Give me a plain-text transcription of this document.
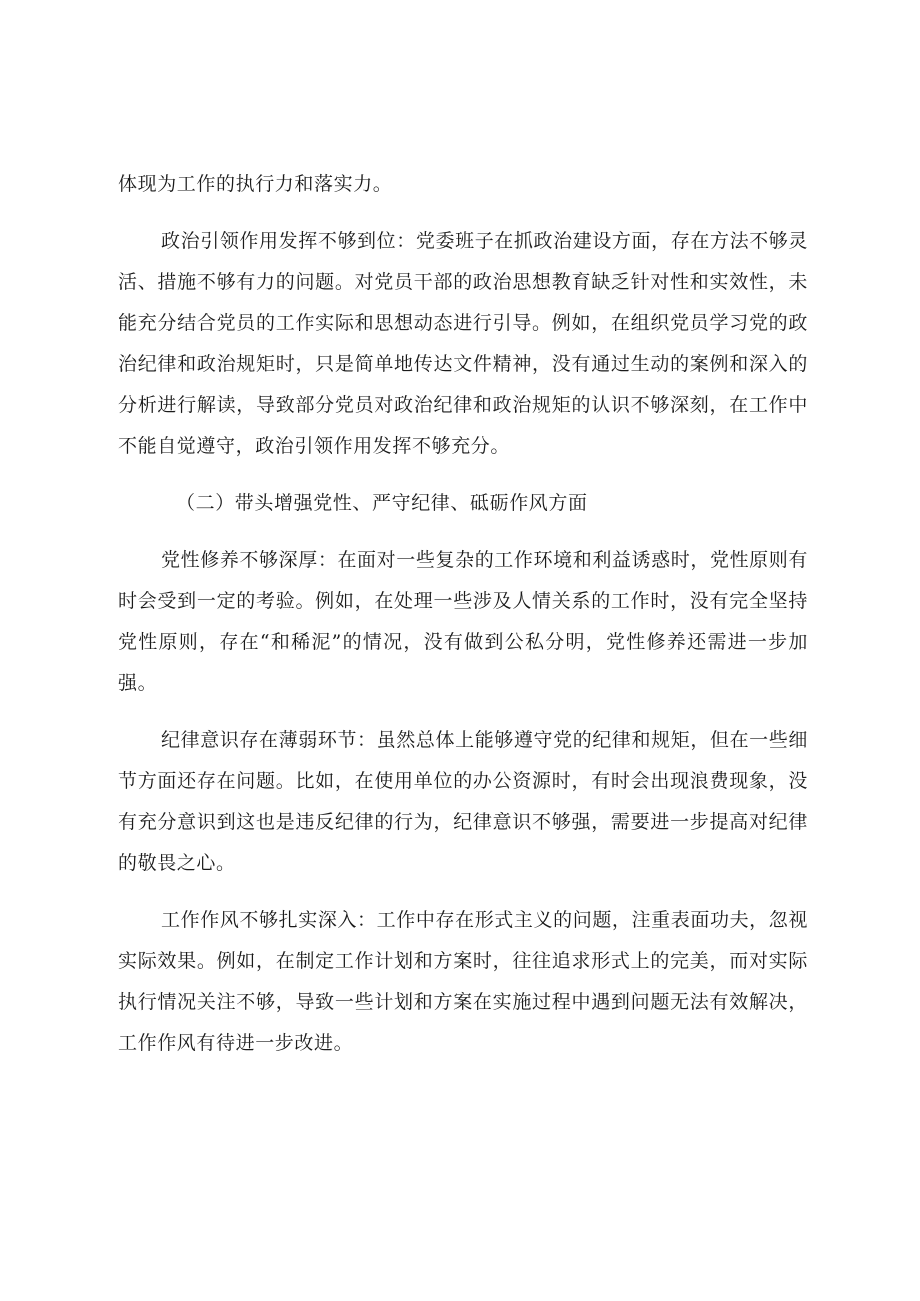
体现为工作的执行力和落实力。

政治引领作用发挥不够到位：党委班子在抓政治建设方面，存在方法不够灵活、措施不够有力的问题。对党员干部的政治思想教育缺乏针对性和实效性，未能充分结合党员的工作实际和思想动态进行引导。例如，在组织党员学习党的政治纪律和政治规矩时，只是简单地传达文件精神，没有通过生动的案例和深入的分析进行解读，导致部分党员对政治纪律和政治规矩的认识不够深刻，在工作中不能自觉遵守，政治引领作用发挥不够充分。

（二）带头增强党性、严守纪律、砥砺作风方面

党性修养不够深厚：在面对一些复杂的工作环境和利益诱惑时，党性原则有时会受到一定的考验。例如，在处理一些涉及人情关系的工作时，没有完全坚持党性原则，存在“和稀泥”的情况，没有做到公私分明，党性修养还需进一步加强。

纪律意识存在薄弱环节：虽然总体上能够遵守党的纪律和规矩，但在一些细节方面还存在问题。比如，在使用单位的办公资源时，有时会出现浪费现象，没有充分意识到这也是违反纪律的行为，纪律意识不够强，需要进一步提高对纪律的敬畏之心。

工作作风不够扎实深入：工作中存在形式主义的问题，注重表面功夫，忽视实际效果。例如，在制定工作计划和方案时，往往追求形式上的完美，而对实际执行情况关注不够，导致一些计划和方案在实施过程中遇到问题无法有效解决，工作作风有待进一步改进。
